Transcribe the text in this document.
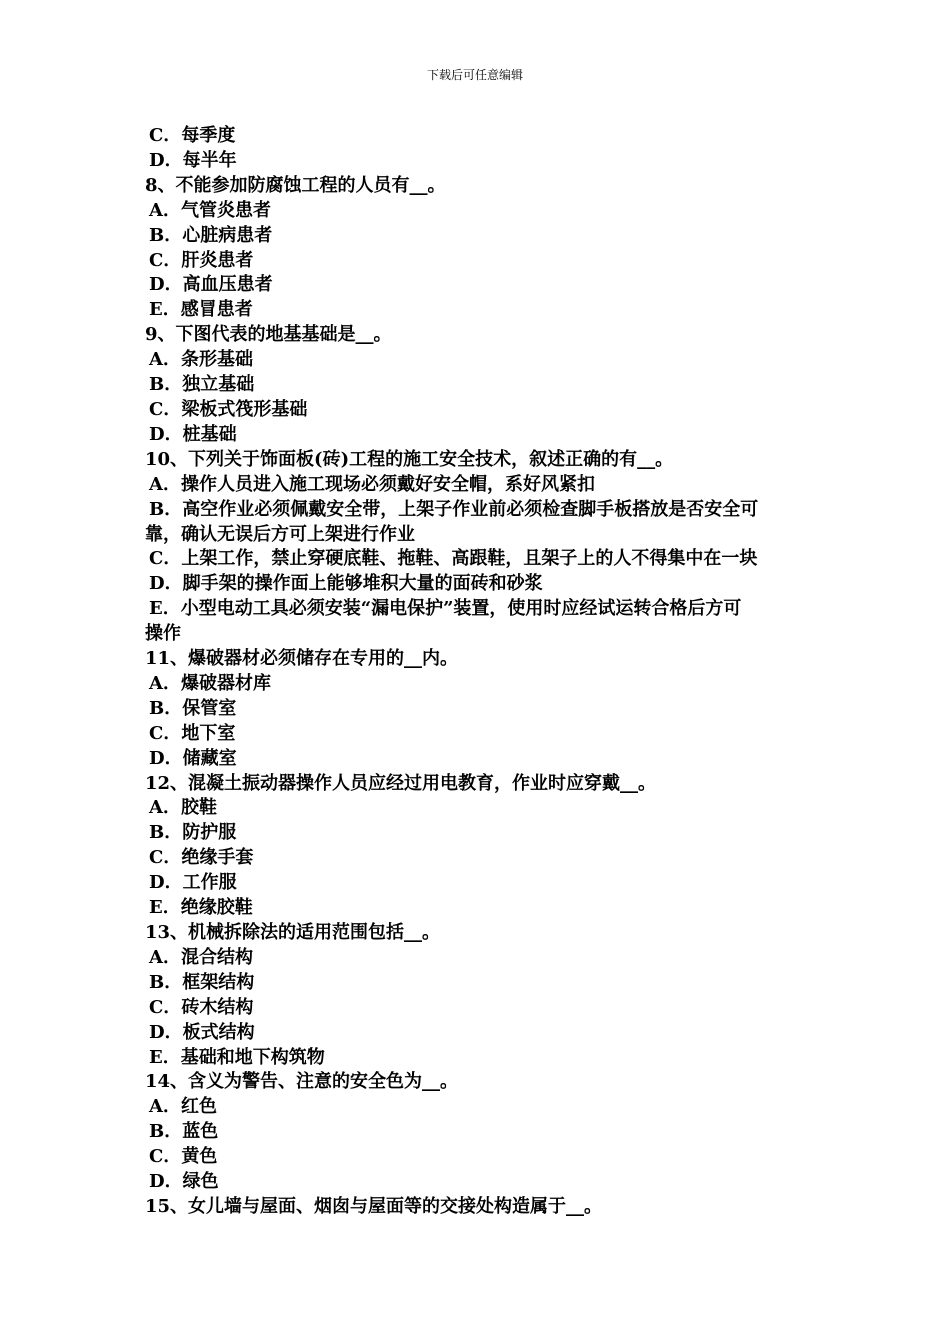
下载后可任意编辑
C．每季度
D．每半年
8、不能参加防腐蚀工程的人员有__。
A．气管炎患者
B．心脏病患者
C．肝炎患者
D．高血压患者
E．感冒患者
9、下图代表的地基基础是__。
A．条形基础
B．独立基础
C．梁板式筏形基础
D．桩基础
10、下列关于饰面板(砖)工程的施工安全技术，叙述正确的有__。
A．操作人员进入施工现场必须戴好安全帽，系好风紧扣
B．高空作业必须佩戴安全带，上架子作业前必须检查脚手板搭放是否安全可
靠，确认无误后方可上架进行作业
C．上架工作，禁止穿硬底鞋、拖鞋、高跟鞋，且架子上的人不得集中在一块
D．脚手架的操作面上能够堆积大量的面砖和砂浆
E．小型电动工具必须安装“漏电保护”装置，使用时应经试运转合格后方可
操作
11、爆破器材必须储存在专用的__内。
A．爆破器材库
B．保管室
C．地下室
D．储藏室
12、混凝土振动器操作人员应经过用电教育，作业时应穿戴__。
A．胶鞋
B．防护服
C．绝缘手套
D．工作服
E．绝缘胶鞋
13、机械拆除法的适用范围包括__。
A．混合结构
B．框架结构
C．砖木结构
D．板式结构
E．基础和地下构筑物
14、含义为警告、注意的安全色为__。
A．红色
B．蓝色
C．黄色
D．绿色
15、女儿墙与屋面、烟囱与屋面等的交接处构造属于__。
